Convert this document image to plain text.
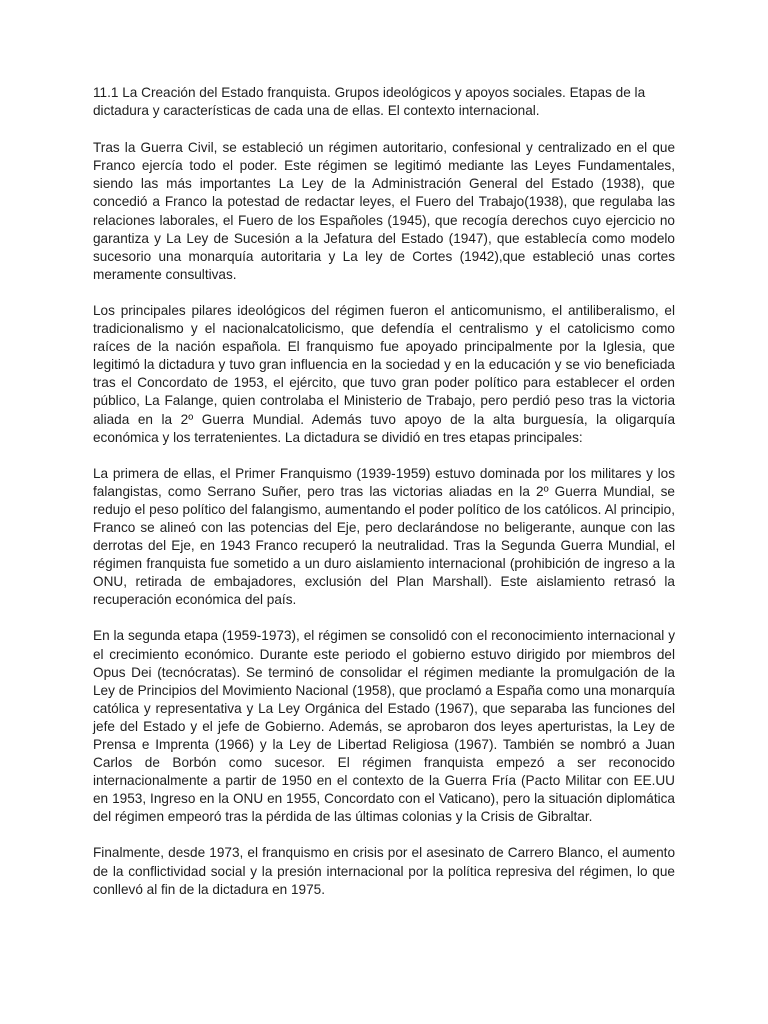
11.1 La Creación del Estado franquista. Grupos ideológicos y apoyos sociales. Etapas de la dictadura y características de cada una de ellas. El contexto internacional.

Tras la Guerra Civil, se estableció un régimen autoritario, confesional y centralizado en el que Franco ejercía todo el poder. Este régimen se legitimó mediante las Leyes Fundamentales, siendo las más importantes La Ley de la Administración General del Estado (1938), que concedió a Franco la potestad de redactar leyes, el Fuero del Trabajo(1938), que regulaba las relaciones laborales, el Fuero de los Españoles (1945), que recogía derechos cuyo ejercicio no garantiza y La Ley de Sucesión a la Jefatura del Estado (1947), que establecía como modelo sucesorio una monarquía autoritaria y La ley de Cortes (1942),que estableció unas cortes meramente consultivas.

Los principales pilares ideológicos del régimen fueron el anticomunismo, el antiliberalismo, el tradicionalismo y el nacionalcatolicismo, que defendía el centralismo y el catolicismo como raíces de la nación española. El franquismo fue apoyado principalmente por la Iglesia, que legitimó la dictadura y tuvo gran influencia en la sociedad y en la educación y se vio beneficiada tras el Concordato de 1953, el ejército, que tuvo gran poder político para establecer el orden público, La Falange, quien controlaba el Ministerio de Trabajo, pero perdió peso tras la victoria aliada en la 2º Guerra Mundial. Además tuvo apoyo de la alta burguesía, la oligarquía económica y los terratenientes. La dictadura se dividió en tres etapas principales:

La primera de ellas, el Primer Franquismo (1939-1959) estuvo dominada por los militares y los falangistas, como Serrano Suñer, pero tras las victorias aliadas en la 2º Guerra Mundial, se redujo el peso político del falangismo, aumentando el poder político de los católicos. Al principio, Franco se alineó con las potencias del Eje, pero declarándose no beligerante, aunque con las derrotas del Eje, en 1943 Franco recuperó la neutralidad. Tras la Segunda Guerra Mundial, el régimen franquista fue sometido a un duro aislamiento internacional (prohibición de ingreso a la ONU, retirada de embajadores, exclusión del Plan Marshall). Este aislamiento retrasó la recuperación económica del país.

En la segunda etapa (1959-1973), el régimen se consolidó con el reconocimiento internacional y el crecimiento económico. Durante este periodo el gobierno estuvo dirigido por miembros del Opus Dei (tecnócratas). Se terminó de consolidar el régimen mediante la promulgación de la Ley de Principios del Movimiento Nacional (1958), que proclamó a España como una monarquía católica y representativa y La Ley Orgánica del Estado (1967), que separaba las funciones del jefe del Estado y el jefe de Gobierno. Además, se aprobaron dos leyes aperturistas, la Ley de Prensa e Imprenta (1966) y la Ley de Libertad Religiosa (1967). También se nombró a Juan Carlos de Borbón como sucesor. El régimen franquista empezó a ser reconocido internacionalmente a partir de 1950 en el contexto de la Guerra Fría (Pacto Militar con EE.UU en 1953, Ingreso en la ONU en 1955, Concordato con el Vaticano), pero la situación diplomática del régimen empeoró tras la pérdida de las últimas colonias y la Crisis de Gibraltar.

Finalmente, desde 1973, el franquismo en crisis por el asesinato de Carrero Blanco, el aumento de la conflictividad social y la presión internacional por la política represiva del régimen, lo que conllevó al fin de la dictadura en 1975.
